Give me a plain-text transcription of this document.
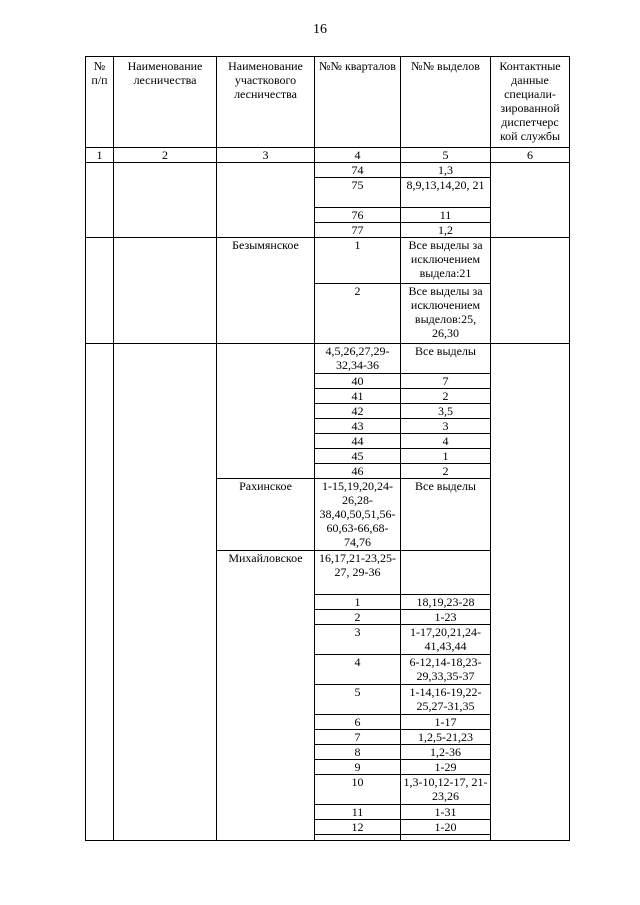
16
№ п/п	Наименование лесничества	Наименование участкового лесничества	№№ кварталов	№№ выделов	Контактные данные специали-зированной диспетчерс кой службы
1	2	3	4	5	6
			74	1,3	
			75	8,9,13,14,20, 21	
			76	11	
			77	1,2	
		Безымянское	1	Все выделы за исключением выдела:21	
			2	Все выделы за исключением выделов:25, 26,30	
			4,5,26,27,29-32,34-36	Все выделы	
			40	7	
			41	2	
			42	3,5	
			43	3	
			44	4	
			45	1	
			46	2	
		Рахинское	1-15,19,20,24-26,28-38,40,50,51,56-60,63-66,68-74,76	Все выделы	
		Михайловское	16,17,21-23,25-27, 29-36		
			1	18,19,23-28	
			2	1-23	
			3	1-17,20,21,24-41,43,44	
			4	6-12,14-18,23-29,33,35-37	
			5	1-14,16-19,22-25,27-31,35	
			6	1-17	
			7	1,2,5-21,23	
			8	1,2-36	
			9	1-29	
			10	1,3-10,12-17, 21-23,26	
			11	1-31	
			12	1-20	
